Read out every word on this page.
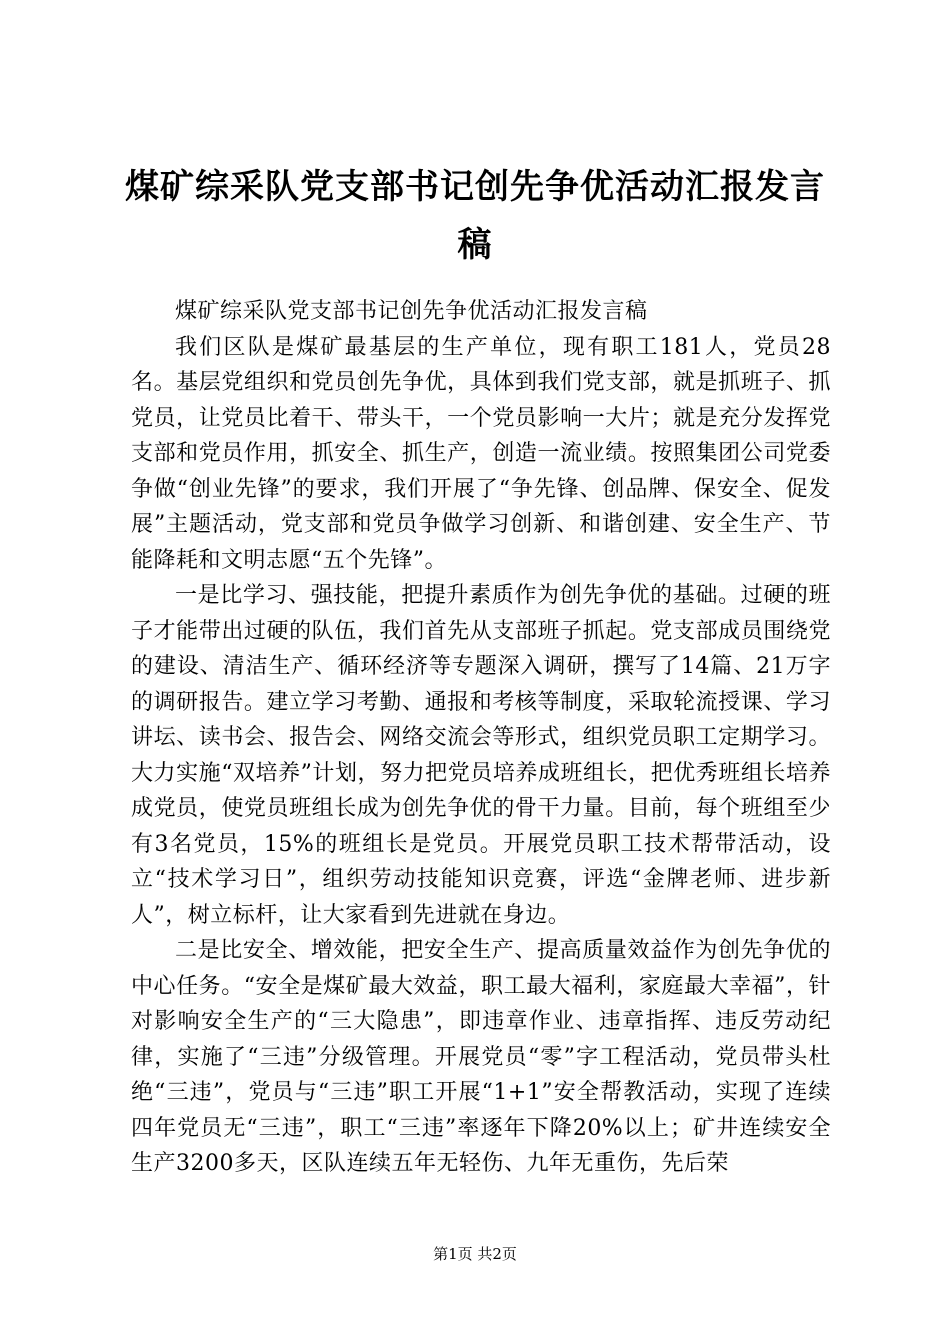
煤矿综采队党支部书记创先争优活动汇报发言稿

煤矿综采队党支部书记创先争优活动汇报发言稿

我们区队是煤矿最基层的生产单位，现有职工181人，党员28名。基层党组织和党员创先争优，具体到我们党支部，就是抓班子、抓党员，让党员比着干、带头干，一个党员影响一大片；就是充分发挥党支部和党员作用，抓安全、抓生产，创造一流业绩。按照集团公司党委争做“创业先锋”的要求，我们开展了“争先锋、创品牌、保安全、促发展”主题活动，党支部和党员争做学习创新、和谐创建、安全生产、节能降耗和文明志愿“五个先锋”。

一是比学习、强技能，把提升素质作为创先争优的基础。过硬的班子才能带出过硬的队伍，我们首先从支部班子抓起。党支部成员围绕党的建设、清洁生产、循环经济等专题深入调研，撰写了14篇、21万字的调研报告。建立学习考勤、通报和考核等制度，采取轮流授课、学习讲坛、读书会、报告会、网络交流会等形式，组织党员职工定期学习。大力实施“双培养”计划，努力把党员培养成班组长，把优秀班组长培养成党员，使党员班组长成为创先争优的骨干力量。目前，每个班组至少有3名党员，15%的班组长是党员。开展党员职工技术帮带活动，设立“技术学习日”，组织劳动技能知识竞赛，评选“金牌老师、进步新人”，树立标杆，让大家看到先进就在身边。

二是比安全、增效能，把安全生产、提高质量效益作为创先争优的中心任务。“安全是煤矿最大效益，职工最大福利，家庭最大幸福”，针对影响安全生产的“三大隐患”，即违章作业、违章指挥、违反劳动纪律，实施了“三违”分级管理。开展党员“零”字工程活动，党员带头杜绝“三违”，党员与“三违”职工开展“1+1”安全帮教活动，实现了连续四年党员无“三违”，职工“三违”率逐年下降20%以上；矿井连续安全生产3200多天，区队连续五年无轻伤、九年无重伤，先后荣

第1页 共2页
